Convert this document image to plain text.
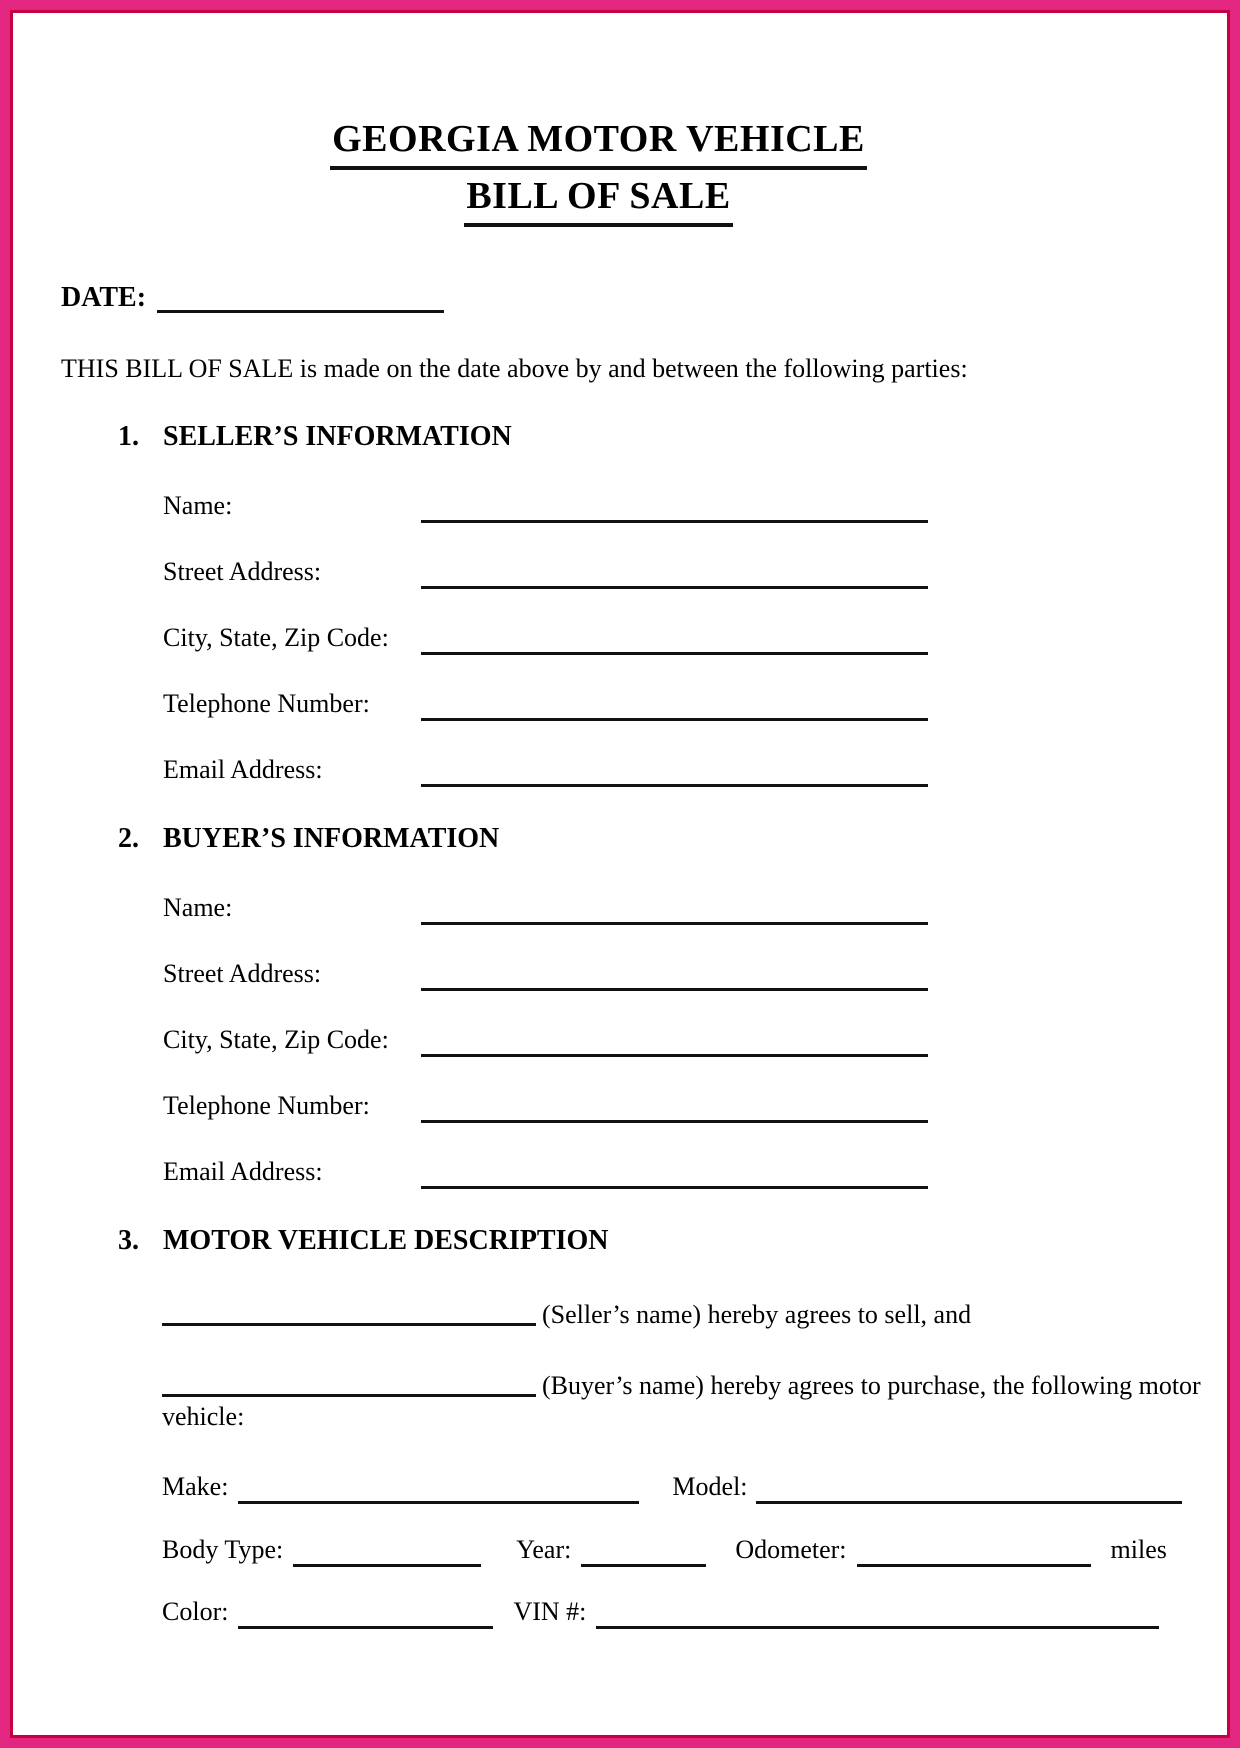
GEORGIA MOTOR VEHICLE
BILL OF SALE
DATE:

THIS BILL OF SALE is made on the date above by and between the following parties:

1. SELLER’S INFORMATION
Name:
Street Address:
City, State, Zip Code:
Telephone Number:
Email Address:
2. BUYER’S INFORMATION
Name:
Street Address:
City, State, Zip Code:
Telephone Number:
Email Address:
3. MOTOR VEHICLE DESCRIPTION

(Seller’s name) hereby agrees to sell, and

(Buyer’s name) hereby agrees to purchase, the following motor vehicle:

Make:	Model:
Body Type:	Year:	Odometer:	miles
Color:	VIN #:
